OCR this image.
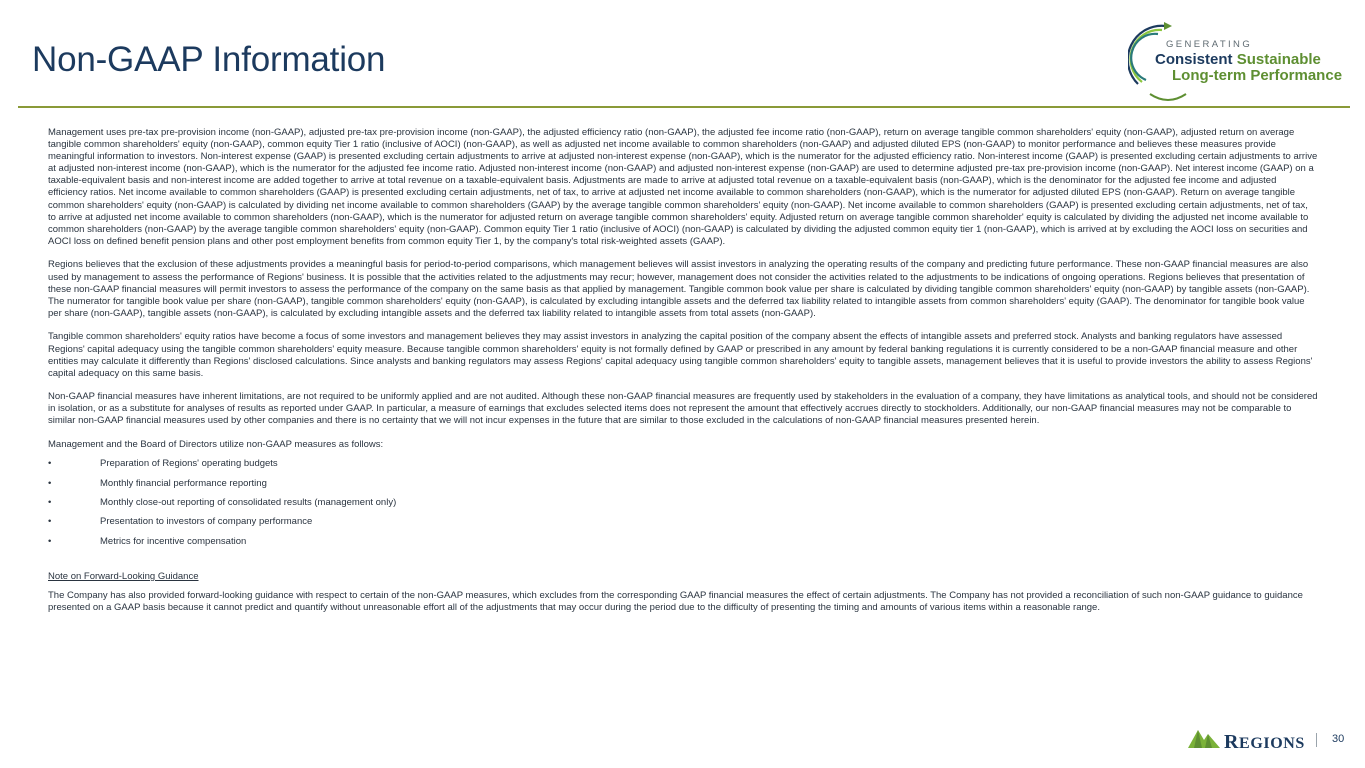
Non-GAAP Information	GENERATING
Consistent Sustainable
Long-term Performance

Management uses pre-tax pre-provision income (non-GAAP), adjusted pre-tax pre-provision income (non-GAAP), the adjusted efficiency ratio (non-GAAP), the adjusted fee income ratio (non-GAAP), return on average tangible common shareholders' equity (non-GAAP), adjusted return on average tangible common shareholders' equity (non-GAAP), common equity Tier 1 ratio (inclusive of AOCI) (non-GAAP), as well as adjusted net income available to common shareholders (non-GAAP) and adjusted diluted EPS (non-GAAP) to monitor performance and believes these measures provide meaningful information to investors. Non-interest expense (GAAP) is presented excluding certain adjustments to arrive at adjusted non-interest expense (non-GAAP), which is the numerator for the adjusted efficiency ratio. Non-interest income (GAAP) is presented excluding certain adjustments to arrive at adjusted non-interest income (non-GAAP), which is the numerator for the adjusted fee income ratio. Adjusted non-interest income (non-GAAP) and adjusted non-interest expense (non-GAAP) are used to determine adjusted pre-tax pre-provision income (non-GAAP). Net interest income (GAAP) on a taxable-equivalent basis and non-interest income are added together to arrive at total revenue on a taxable-equivalent basis. Adjustments are made to arrive at adjusted total revenue on a taxable-equivalent basis (non-GAAP), which is the denominator for the adjusted fee income and adjusted efficiency ratios. Net income available to common shareholders (GAAP) is presented excluding certain adjustments, net of tax, to arrive at adjusted net income available to common shareholders (non-GAAP), which is the numerator for adjusted diluted EPS (non-GAAP). Return on average tangible common shareholders' equity (non-GAAP) is calculated by dividing net income available to common shareholders (GAAP) by the average tangible common shareholders' equity (non-GAAP). Net income available to common shareholders (GAAP) is presented excluding certain adjustments, net of tax, to arrive at adjusted net income available to common shareholders (non-GAAP), which is the numerator for adjusted return on average tangible common shareholders' equity. Adjusted return on average tangible common shareholder' equity is calculated by dividing the adjusted net income available to common shareholders (non-GAAP) by the average tangible common shareholders' equity (non-GAAP). Common equity Tier 1 ratio (inclusive of AOCI) (non-GAAP) is calculated by dividing the adjusted common equity tier 1 (non-GAAP), which is arrived at by excluding the AOCI loss on securities and AOCI loss on defined benefit pension plans and other post employment benefits from common equity Tier 1, by the company's total risk-weighted assets (GAAP).

Regions believes that the exclusion of these adjustments provides a meaningful basis for period-to-period comparisons, which management believes will assist investors in analyzing the operating results of the company and predicting future performance. These non-GAAP financial measures are also used by management to assess the performance of Regions' business. It is possible that the activities related to the adjustments may recur; however, management does not consider the activities related to the adjustments to be indications of ongoing operations. Regions believes that presentation of these non-GAAP financial measures will permit investors to assess the performance of the company on the same basis as that applied by management. Tangible common book value per share is calculated by dividing tangible common shareholders' equity (non-GAAP) by tangible assets (non-GAAP). The numerator for tangible book value per share (non-GAAP), tangible common shareholders' equity (non-GAAP), is calculated by excluding intangible assets and the deferred tax liability related to intangible assets from common shareholders' equity (GAAP). The denominator for tangible book value per share (non-GAAP), tangible assets (non-GAAP), is calculated by excluding intangible assets and the deferred tax liability related to intangible assets from total assets (non-GAAP).

Tangible common shareholders' equity ratios have become a focus of some investors and management believes they may assist investors in analyzing the capital position of the company absent the effects of intangible assets and preferred stock. Analysts and banking regulators have assessed Regions' capital adequacy using the tangible common shareholders' equity measure. Because tangible common shareholders' equity is not formally defined by GAAP or prescribed in any amount by federal banking regulations it is currently considered to be a non-GAAP financial measure and other entities may calculate it differently than Regions' disclosed calculations. Since analysts and banking regulators may assess Regions' capital adequacy using tangible common shareholders' equity to tangible assets, management believes that it is useful to provide investors the ability to assess Regions' capital adequacy on this same basis.

Non-GAAP financial measures have inherent limitations, are not required to be uniformly applied and are not audited. Although these non-GAAP financial measures are frequently used by stakeholders in the evaluation of a company, they have limitations as analytical tools, and should not be considered in isolation, or as a substitute for analyses of results as reported under GAAP. In particular, a measure of earnings that excludes selected items does not represent the amount that effectively accrues directly to stockholders. Additionally, our non-GAAP financial measures may not be comparable to similar non-GAAP financial measures used by other companies and there is no certainty that we will not incur expenses in the future that are similar to those excluded in the calculations of non-GAAP financial measures presented herein.

Management and the Board of Directors utilize non-GAAP measures as follows:

•	Preparation of Regions' operating budgets
•	Monthly financial performance reporting
•	Monthly close-out reporting of consolidated results (management only)
•	Presentation to investors of company performance
•	Metrics for incentive compensation

Note on Forward-Looking Guidance

The Company has also provided forward-looking guidance with respect to certain of the non-GAAP measures, which excludes from the corresponding GAAP financial measures the effect of certain adjustments. The Company has not provided a reconciliation of such non-GAAP guidance to guidance presented on a GAAP basis because it cannot predict and quantify without unreasonable effort all of the adjustments that may occur during the period due to the difficulty of presenting the timing and amounts of various items within a reasonable range.

REGIONS 30
